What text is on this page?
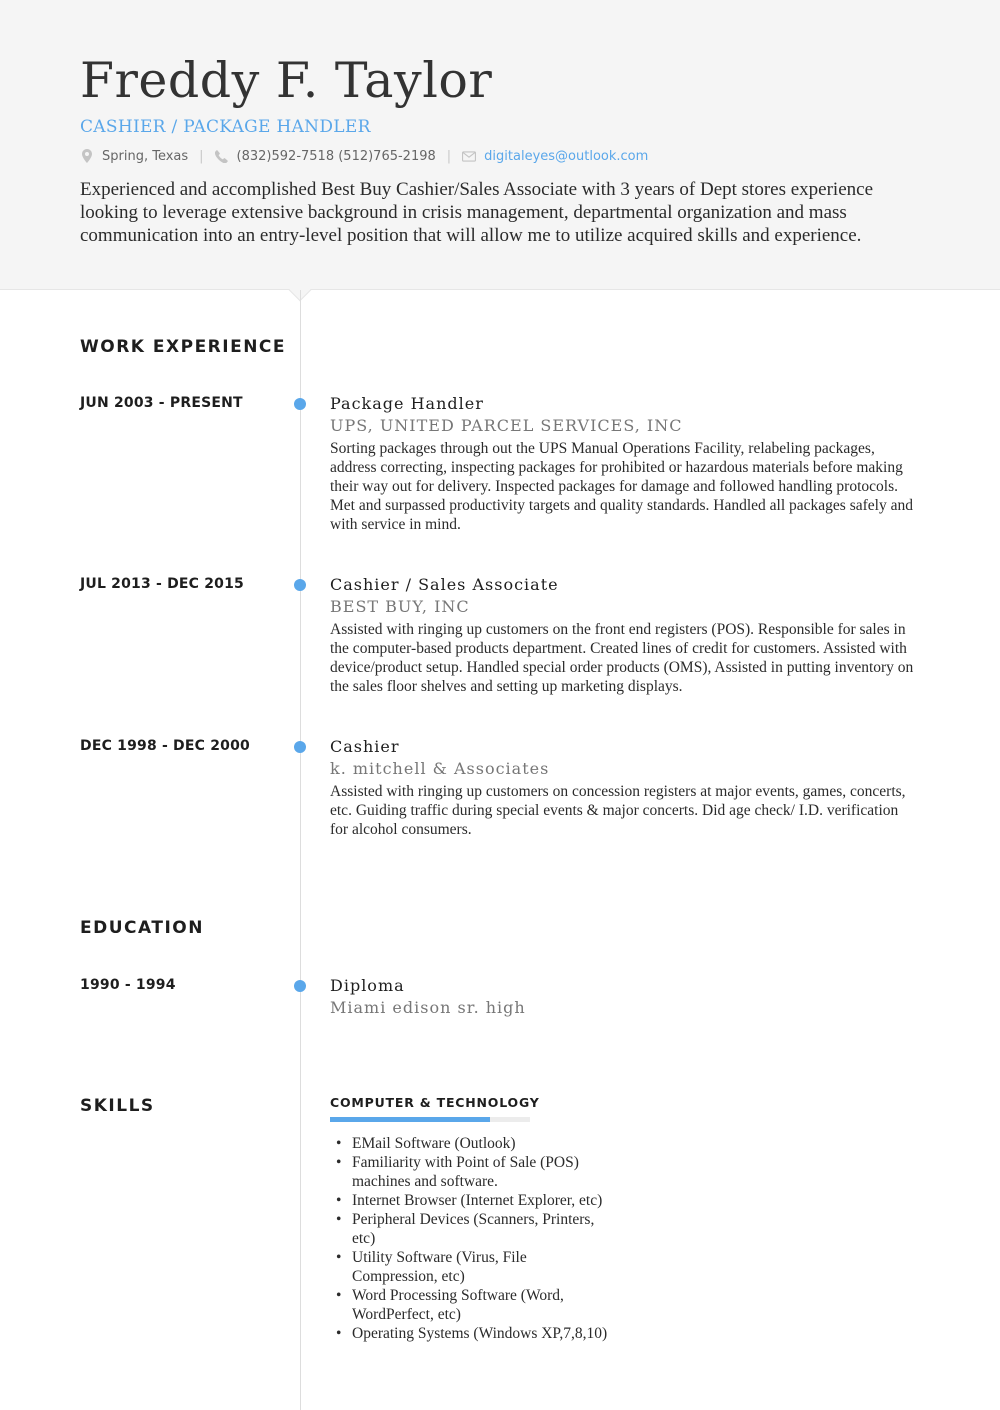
Freddy F. Taylor
CASHIER / PACKAGE HANDLER
Spring, Texas |	(832)592-7518 (512)765-2198 |	digitaleyes@outlook.com
Experienced and accomplished Best Buy Cashier/Sales Associate with 3 years of Dept stores experience looking to leverage extensive background in crisis management, departmental organization and mass communication into an entry-level position that will allow me to utilize acquired skills and experience.
WORK EXPERIENCE
JUN 2003 - PRESENT	Package Handler
UPS, UNITED PARCEL SERVICES, INC
Sorting packages through out the UPS Manual Operations Facility, relabeling packages, address correcting, inspecting packages for prohibited or hazardous materials before making their way out for delivery. Inspected packages for damage and followed handling protocols. Met and surpassed productivity targets and quality standards. Handled all packages safely and with service in mind.
JUL 2013 - DEC 2015	Cashier / Sales Associate
BEST BUY, INC
Assisted with ringing up customers on the front end registers (POS). Responsible for sales in the computer-based products department. Created lines of credit for customers. Assisted with device/product setup. Handled special order products (OMS), Assisted in putting inventory on the sales floor shelves and setting up marketing displays.
DEC 1998 - DEC 2000	Cashier
k. mitchell & Associates
Assisted with ringing up customers on concession registers at major events, games, concerts, etc. Guiding traffic during special events & major concerts. Did age check/ I.D. verification for alcohol consumers.
EDUCATION
1990 - 1994	Diploma
Miami edison sr. high
SKILLS	COMPUTER & TECHNOLOGY
• EMail Software (Outlook)
• Familiarity with Point of Sale (POS) machines and software.
• Internet Browser (Internet Explorer, etc)
• Peripheral Devices (Scanners, Printers, etc)
• Utility Software (Virus, File Compression, etc)
• Word Processing Software (Word, WordPerfect, etc)
• Operating Systems (Windows XP,7,8,10)
